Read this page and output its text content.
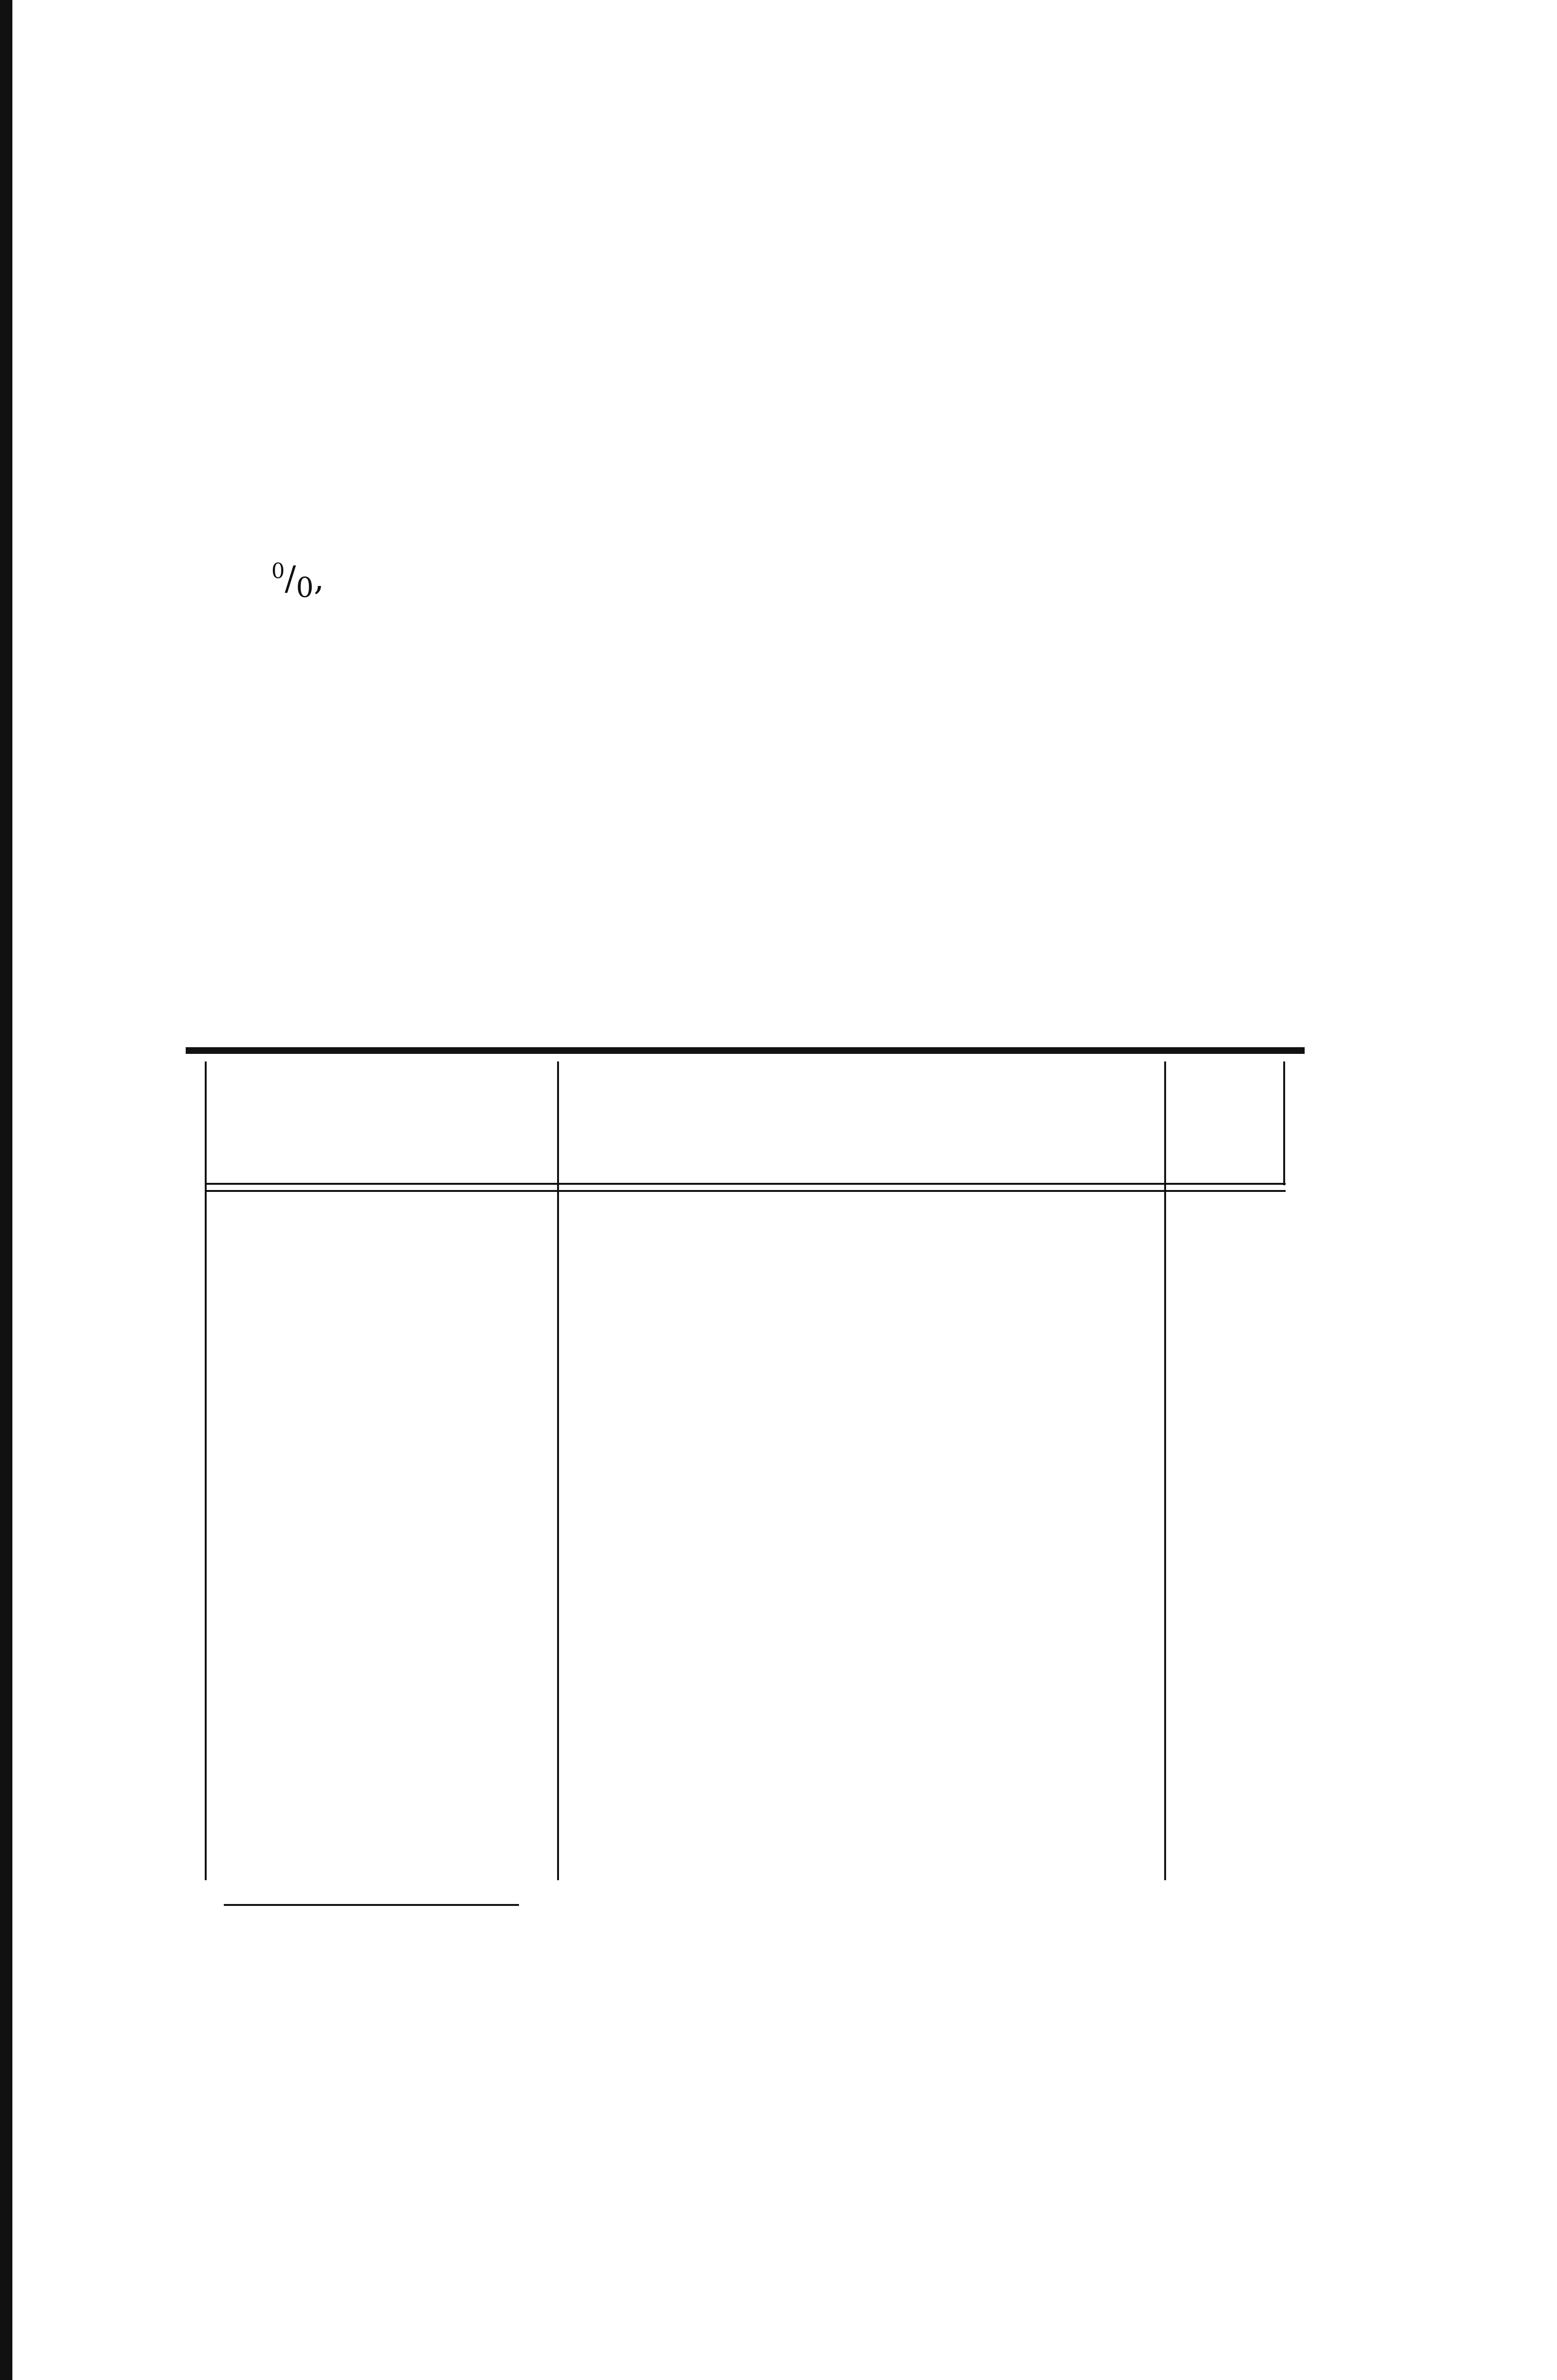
$^0/_0$,
